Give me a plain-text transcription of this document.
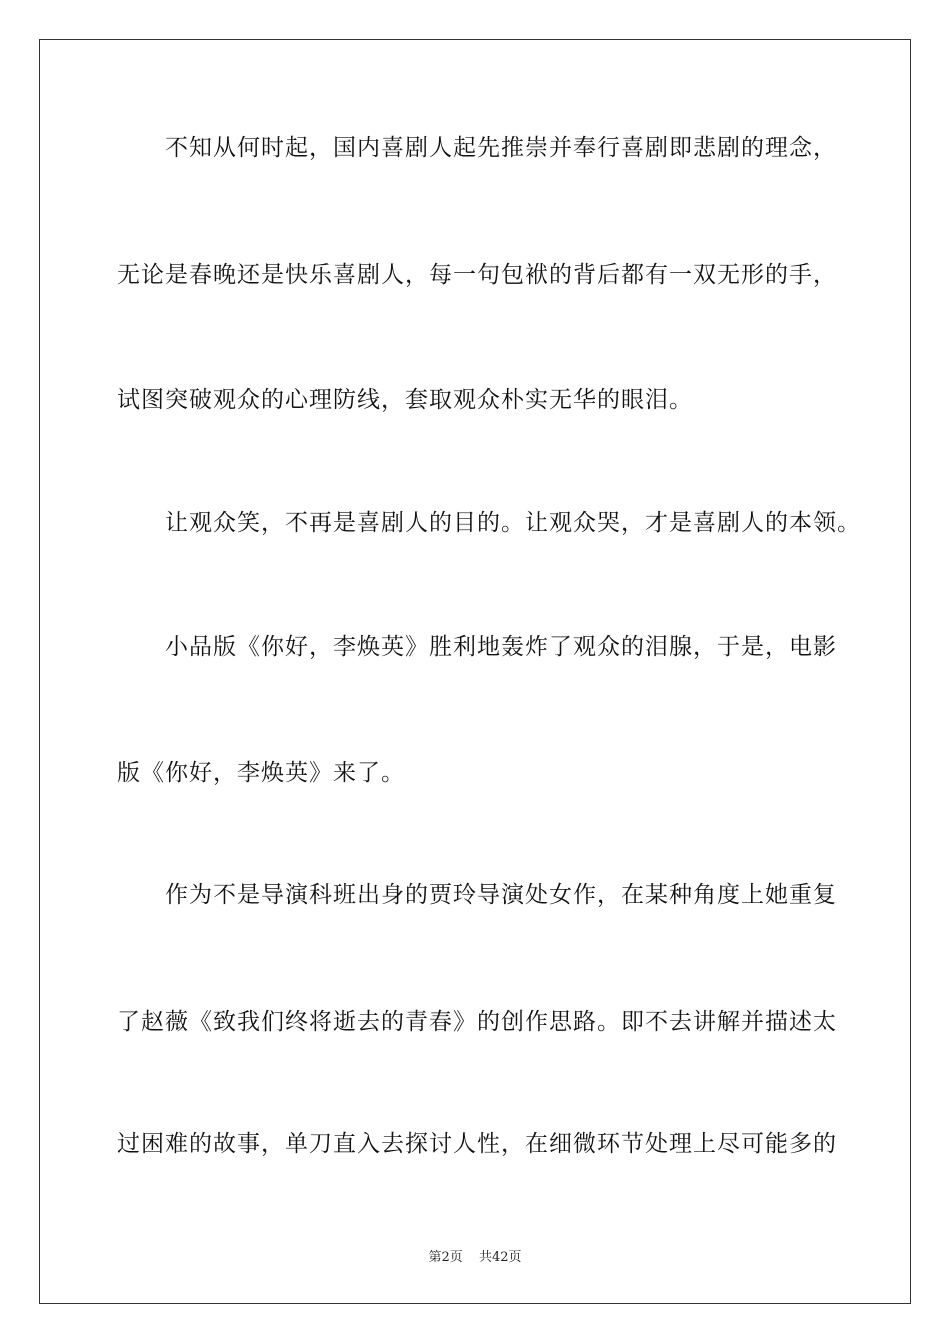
不知从何时起，国内喜剧人起先推崇并奉行喜剧即悲剧的理念，
无论是春晚还是快乐喜剧人，每一句包袱的背后都有一双无形的手，
试图突破观众的心理防线，套取观众朴实无华的眼泪。
让观众笑，不再是喜剧人的目的。让观众哭，才是喜剧人的本领。
小品版《你好，李焕英》胜利地轰炸了观众的泪腺，于是，电影
版《你好，李焕英》来了。
作为不是导演科班出身的贾玲导演处女作，在某种角度上她重复
了赵薇《致我们终将逝去的青春》的创作思路。即不去讲解并描述太
过困难的故事，单刀直入去探讨人性，在细微环节处理上尽可能多的
第2页 共42页
